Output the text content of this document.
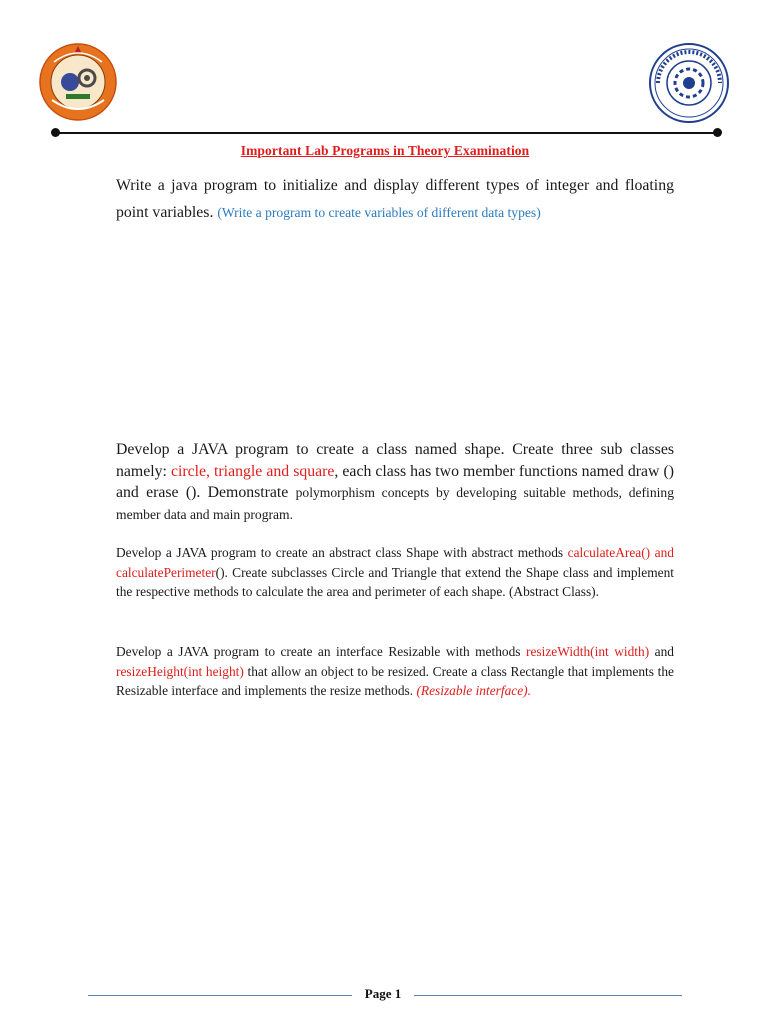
Important Lab Programs in Theory Examination
Write a java program to initialize and display different types of integer and floating point variables. (Write a program to create variables of different data types)
Develop a JAVA program to create a class named shape. Create three sub classes namely: circle, triangle and square, each class has two member functions named draw () and erase (). Demonstrate polymorphism concepts by developing suitable methods, defining member data and main program.
Develop a JAVA program to create an abstract class Shape with abstract methods calculateArea() and calculatePerimeter(). Create subclasses Circle and Triangle that extend the Shape class and implement the respective methods to calculate the area and perimeter of each shape. (Abstract Class).
Develop a JAVA program to create an interface Resizable with methods resizeWidth(int width) and resizeHeight(int height) that allow an object to be resized. Create a class Rectangle that implements the Resizable interface and implements the resize methods. (Resizable interface).
Page 1
